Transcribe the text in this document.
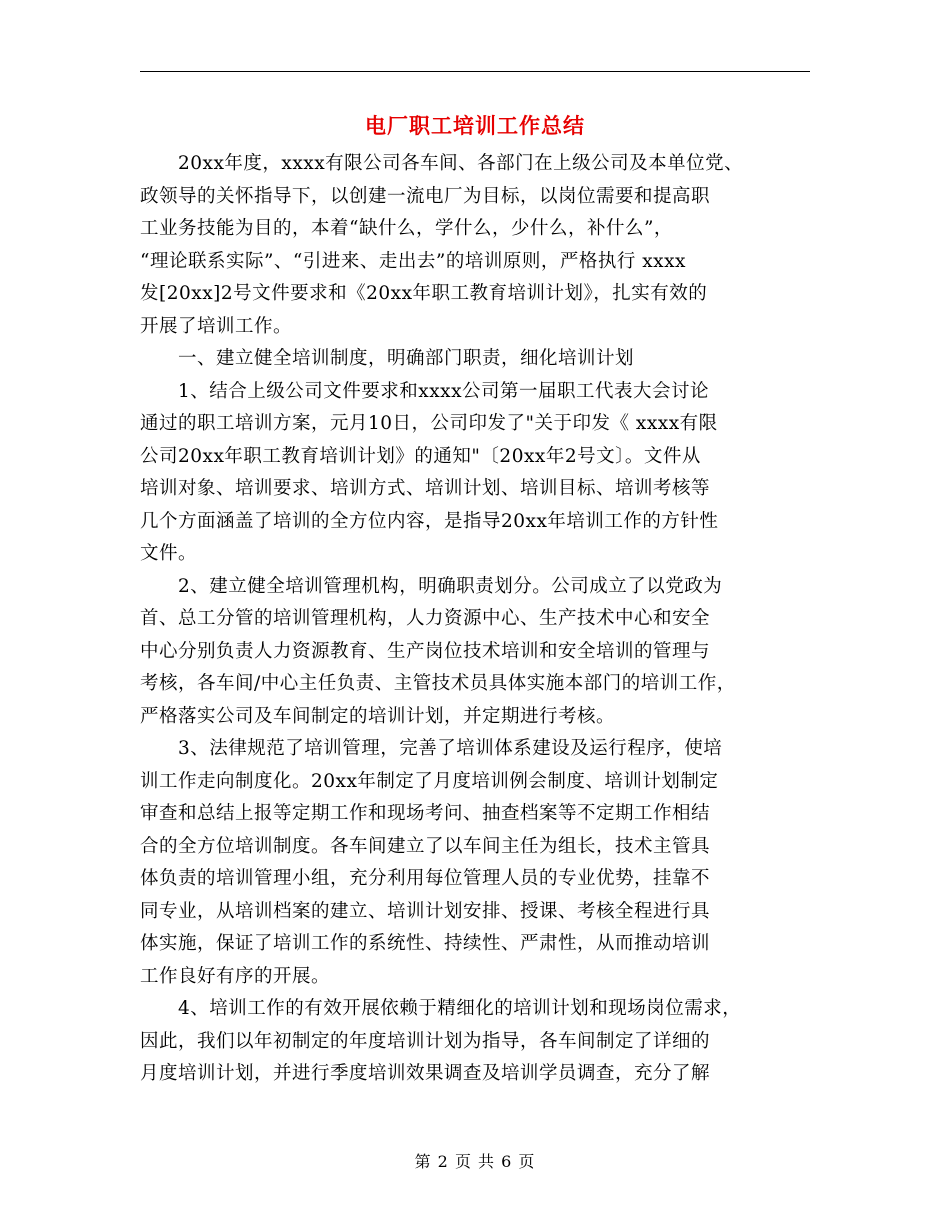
电厂职工培训工作总结
20xx年度，xxxx有限公司各车间、各部门在上级公司及本单位党、
政领导的关怀指导下，以创建一流电厂为目标，以岗位需要和提高职
工业务技能为目的，本着“缺什么，学什么，少什么，补什么”，
“理论联系实际”、“引进来、走出去”的培训原则，严格执行 xxxx
发[20xx]2号文件要求和《20xx年职工教育培训计划》，扎实有效的
开展了培训工作。
一、建立健全培训制度，明确部门职责，细化培训计划
1、结合上级公司文件要求和xxxx公司第一届职工代表大会讨论
通过的职工培训方案，元月10日，公司印发了"关于印发《 xxxx有限
公司20xx年职工教育培训计划》的通知"〔20xx年2号文〕。文件从
培训对象、培训要求、培训方式、培训计划、培训目标、培训考核等
几个方面涵盖了培训的全方位内容，是指导20xx年培训工作的方针性
文件。
2、建立健全培训管理机构，明确职责划分。公司成立了以党政为
首、总工分管的培训管理机构，人力资源中心、生产技术中心和安全
中心分别负责人力资源教育、生产岗位技术培训和安全培训的管理与
考核，各车间/中心主任负责、主管技术员具体实施本部门的培训工作，
严格落实公司及车间制定的培训计划，并定期进行考核。
3、法律规范了培训管理，完善了培训体系建设及运行程序，使培
训工作走向制度化。20xx年制定了月度培训例会制度、培训计划制定
审查和总结上报等定期工作和现场考问、抽查档案等不定期工作相结
合的全方位培训制度。各车间建立了以车间主任为组长，技术主管具
体负责的培训管理小组，充分利用每位管理人员的专业优势，挂靠不
同专业，从培训档案的建立、培训计划安排、授课、考核全程进行具
体实施，保证了培训工作的系统性、持续性、严肃性，从而推动培训
工作良好有序的开展。
4、培训工作的有效开展依赖于精细化的培训计划和现场岗位需求，
因此，我们以年初制定的年度培训计划为指导，各车间制定了详细的
月度培训计划，并进行季度培训效果调查及培训学员调查，充分了解
第 2 页 共 6 页
